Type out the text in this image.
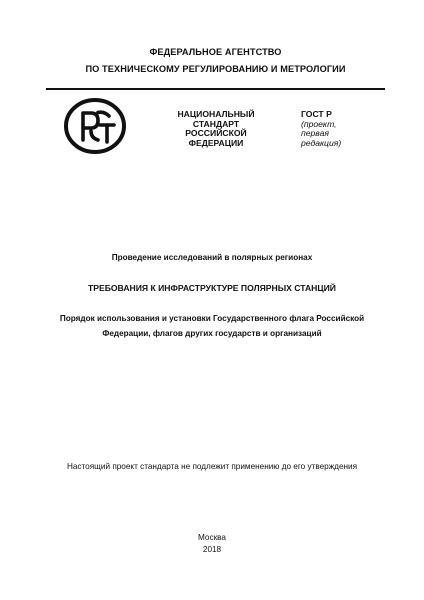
ФЕДЕРАЛЬНОЕ АГЕНТСТВО
ПО ТЕХНИЧЕСКОМУ РЕГУЛИРОВАНИЮ И МЕТРОЛОГИИ
НАЦИОНАЛЬНЫЙ
СТАНДАРТ
РОССИЙСКОЙ
ФЕДЕРАЦИИ
ГОСТ Р
(проект,
первая
редакция)
Проведение исследований в полярных регионах
ТРЕБОВАНИЯ К ИНФРАСТРУКТУРЕ ПОЛЯРНЫХ СТАНЦИЙ
Порядок использования и установки Государственного флага Российской
Федерации, флагов других государств и организаций
Настоящий проект стандарта не подлежит применению до его утверждения
Москва
2018
